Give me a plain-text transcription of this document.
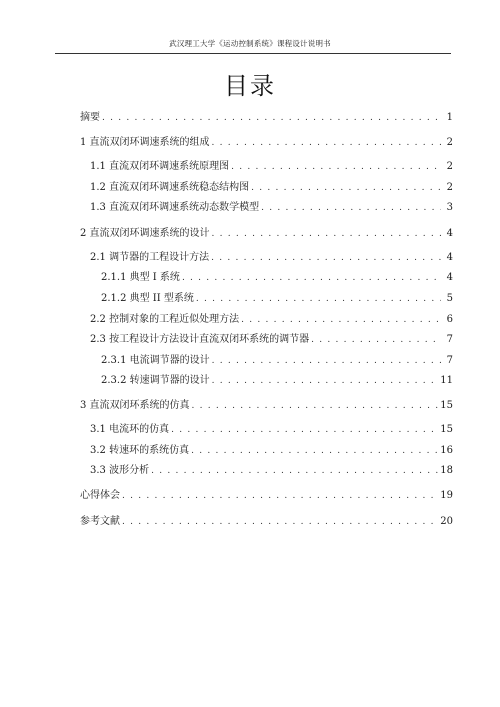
武汉理工大学《运动控制系统》课程设计说明书
目录
摘要 . . .	1
1 直流双闭环调速系统的组成 . . .	2
1.1 直流双闭环调速系统原理图 . . .	2
1.2 直流双闭环调速系统稳态结构图 . . .	2
1.3 直流双闭环调速系统动态数学模型 . . .	3
2 直流双闭环调速系统的设计 . . .	4
2.1 调节器的工程设计方法 . . .	4
2.1.1 典型 I 系统 . . .	4
2.1.2 典型 II 型系统 . . .	5
2.2 控制对象的工程近似处理方法 . . .	6
2.3 按工程设计方法设计直流双闭环系统的调节器 . . .	7
2.3.1 电流调节器的设计 . . .	7
2.3.2 转速调节器的设计 . . .	11
3 直流双闭环系统的仿真 . . .	15
3.1 电流环的仿真 . . .	15
3.2 转速环的系统仿真 . . .	16
3.3 波形分析 . . .	18
心得体会 . . .	19
参考文献 . . .	20
